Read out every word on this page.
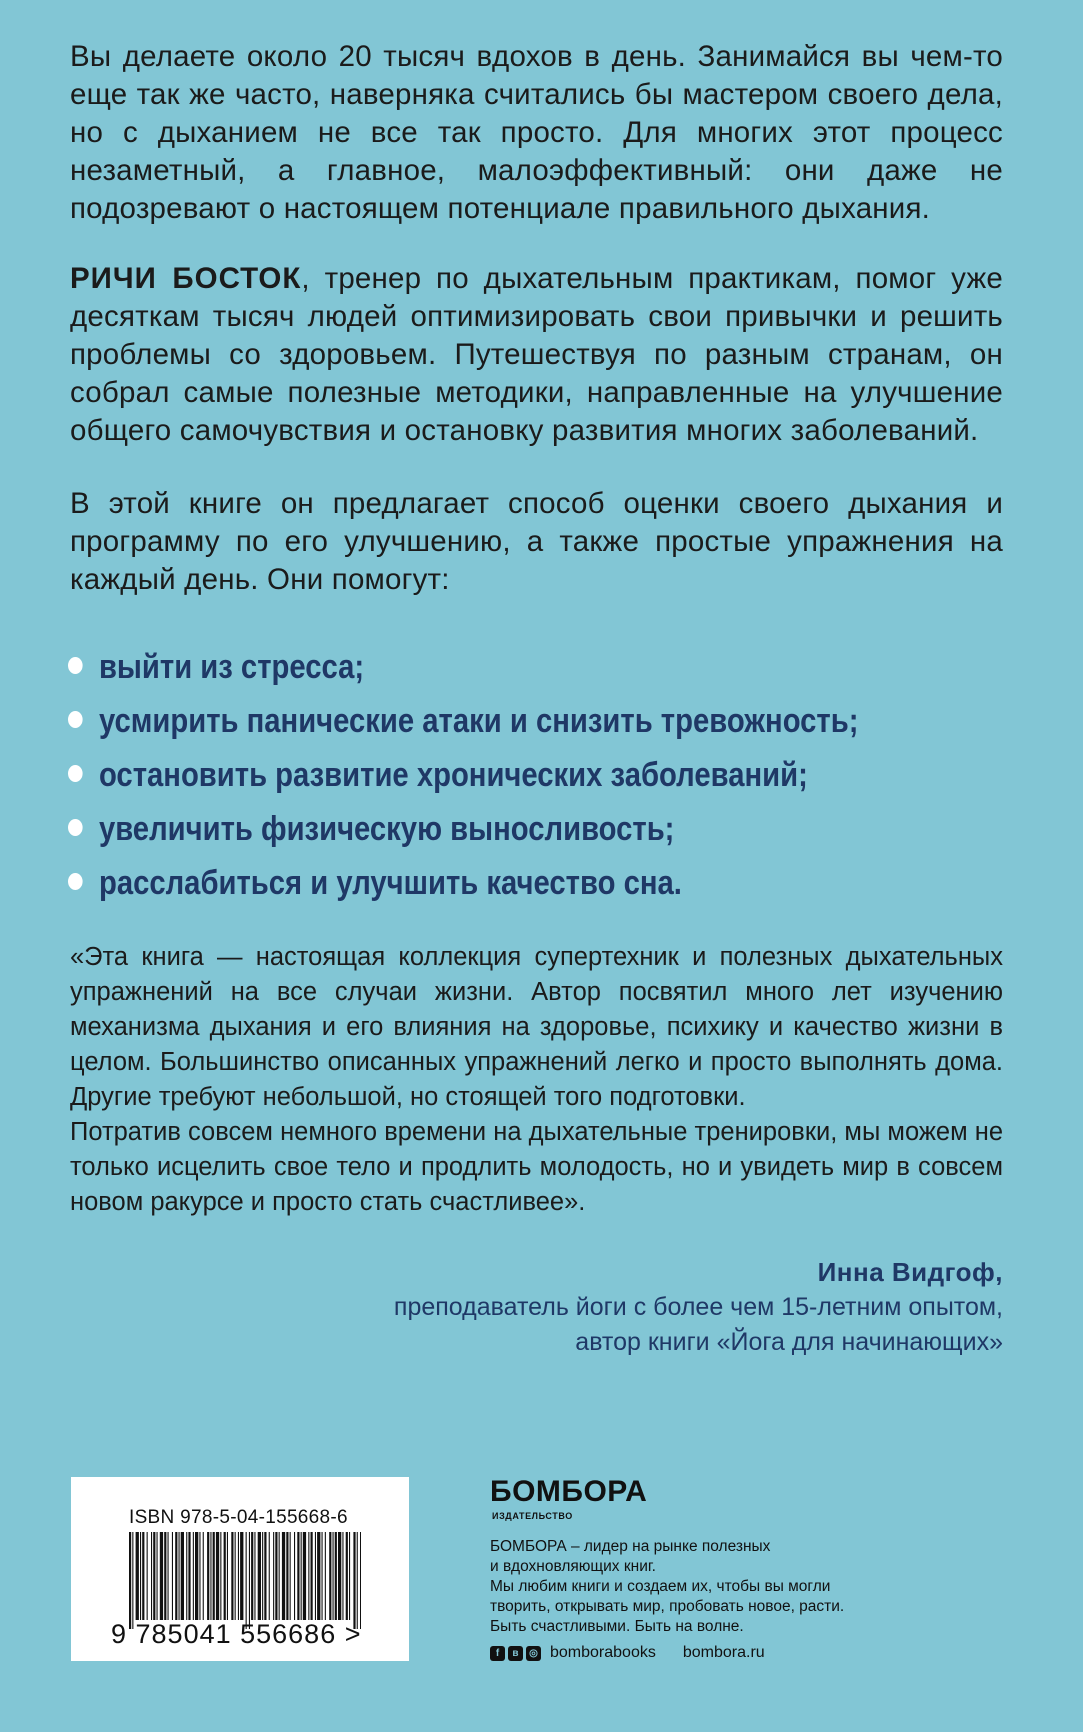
Вы делаете около 20 тысяч вдохов в день. Занимайся вы чем-то еще так же часто, наверняка считались бы мастером своего дела, но с дыханием не все так просто. Для многих этот процесс незаметный, а главное, малоэффективный: они даже не подозревают о настоящем потенциале правильного дыхания.

РИЧИ БОСТОК, тренер по дыхательным практикам, помог уже десяткам тысяч людей оптимизировать свои привычки и решить проблемы со здоровьем. Путешествуя по разным странам, он собрал самые полезные методики, направленные на улучшение общего самочувствия и остановку развития многих заболеваний.

В этой книге он предлагает способ оценки своего дыхания и программу по его улучшению, а также простые упражнения на каждый день. Они помогут:

выйти из стресса;
усмирить панические атаки и снизить тревожность;
остановить развитие хронических заболеваний;
увеличить физическую выносливость;
расслабиться и улучшить качество сна.

«Эта книга — настоящая коллекция супертехник и полезных дыхательных упражнений на все случаи жизни. Автор посвятил много лет изучению механизма дыхания и его влияния на здоровье, психику и качество жизни в целом. Большинство описанных упражнений легко и просто выполнять дома. Другие требуют небольшой, но стоящей того подготовки.
Потратив совсем немного времени на дыхательные тренировки, мы можем не только исцелить свое тело и продлить молодость, но и увидеть мир в совсем новом ракурсе и просто стать счастливее».

Инна Видгоф,
преподаватель йоги с более чем 15-летним опытом,
автор книги «Йога для начинающих»
ISBN 978-5-04-155668-6
9 785041 556686 >
БОМБОРА
ИЗДАТЕЛЬСТВО
БОМБОРА – лидер на рынке полезных
и вдохновляющих книг.
Мы любим книги и создаем их, чтобы вы могли
творить, открывать мир, пробовать новое, расти.
Быть счастливыми. Быть на волне.
f	в	◎ bomborabooks bombora.ru
